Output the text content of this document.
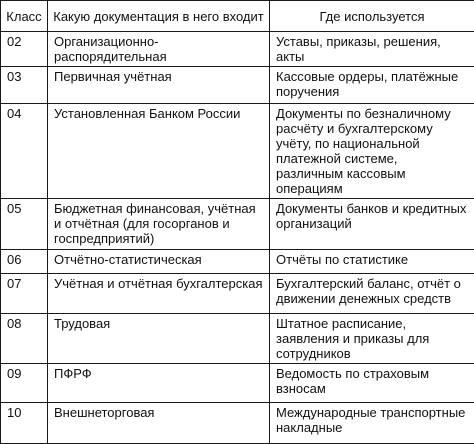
Класс	Какую документация в него входит	Где используется
02	Организационно-распорядительная	Уставы, приказы, решения, акты
03	Первичная учётная	Кассовые ордеры, платёжные поручения
04	Установленная Банком России	Документы по безналичному расчёту и бухгалтерскому учёту, по национальной платежной системе, различным кассовым операциям
05	Бюджетная финансовая, учётная и отчётная (для госорганов и госпредприятий)	Документы банков и кредитных организаций
06	Отчётно-статистическая	Отчёты по статистике
07	Учётная и отчётная бухгалтерская	Бухгалтерский баланс, отчёт о движении денежных средств
08	Трудовая	Штатное расписание, заявления и приказы для сотрудников
09	ПФРФ	Ведомость по страховым взносам
10	Внешнеторговая	Международные транспортные накладные
